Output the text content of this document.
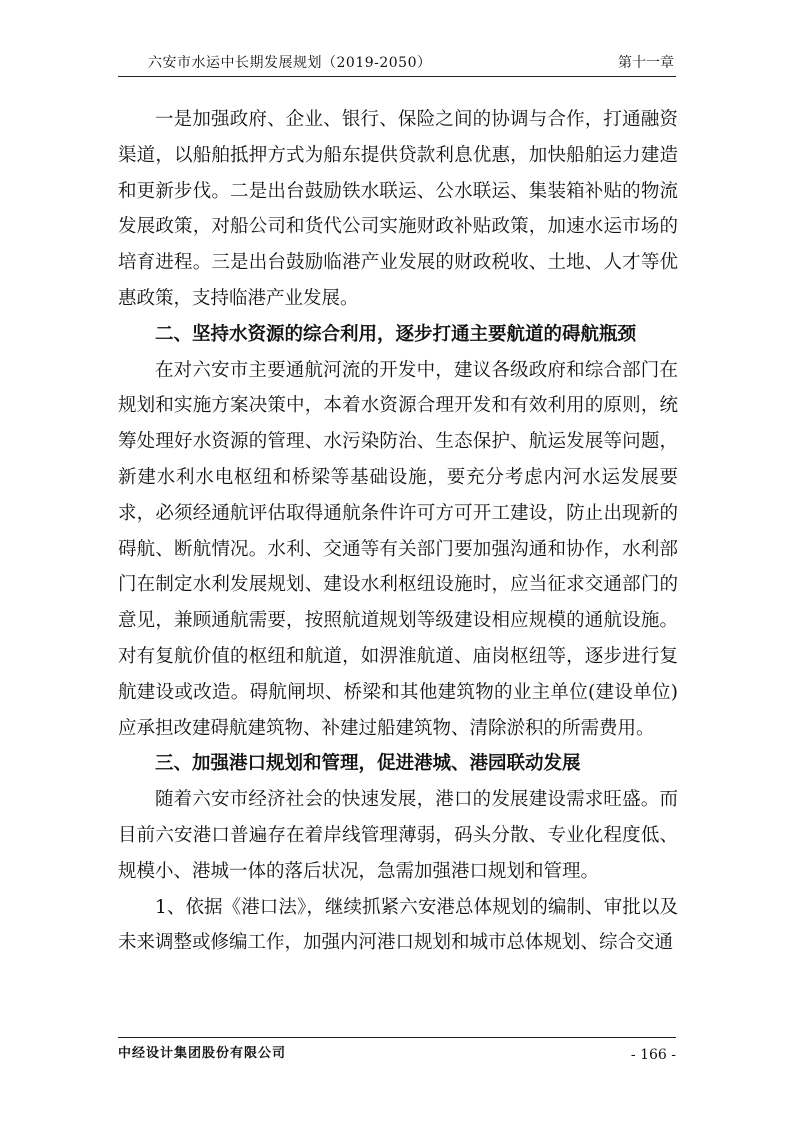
六安市水运中长期发展规划（2019-2050）	第十一章

一是加强政府、企业、银行、保险之间的协调与合作，打通融资渠道，以船舶抵押方式为船东提供贷款利息优惠，加快船舶运力建造和更新步伐。二是出台鼓励铁水联运、公水联运、集装箱补贴的物流发展政策，对船公司和货代公司实施财政补贴政策，加速水运市场的培育进程。三是出台鼓励临港产业发展的财政税收、土地、人才等优惠政策，支持临港产业发展。

二、坚持水资源的综合利用，逐步打通主要航道的碍航瓶颈

在对六安市主要通航河流的开发中，建议各级政府和综合部门在规划和实施方案决策中，本着水资源合理开发和有效利用的原则，统筹处理好水资源的管理、水污染防治、生态保护、航运发展等问题，新建水利水电枢纽和桥梁等基础设施，要充分考虑内河水运发展要求，必须经通航评估取得通航条件许可方可开工建设，防止出现新的碍航、断航情况。水利、交通等有关部门要加强沟通和协作，水利部门在制定水利发展规划、建设水利枢纽设施时，应当征求交通部门的意见，兼顾通航需要，按照航道规划等级建设相应规模的通航设施。对有复航价值的枢纽和航道，如淠淮航道、庙岗枢纽等，逐步进行复航建设或改造。碍航闸坝、桥梁和其他建筑物的业主单位(建设单位)应承担改建碍航建筑物、补建过船建筑物、清除淤积的所需费用。

三、加强港口规划和管理，促进港城、港园联动发展

随着六安市经济社会的快速发展，港口的发展建设需求旺盛。而目前六安港口普遍存在着岸线管理薄弱，码头分散、专业化程度低、规模小、港城一体的落后状况，急需加强港口规划和管理。

1、依据《港口法》，继续抓紧六安港总体规划的编制、审批以及未来调整或修编工作，加强内河港口规划和城市总体规划、综合交通

中经设计集团股份有限公司	- 166 -
